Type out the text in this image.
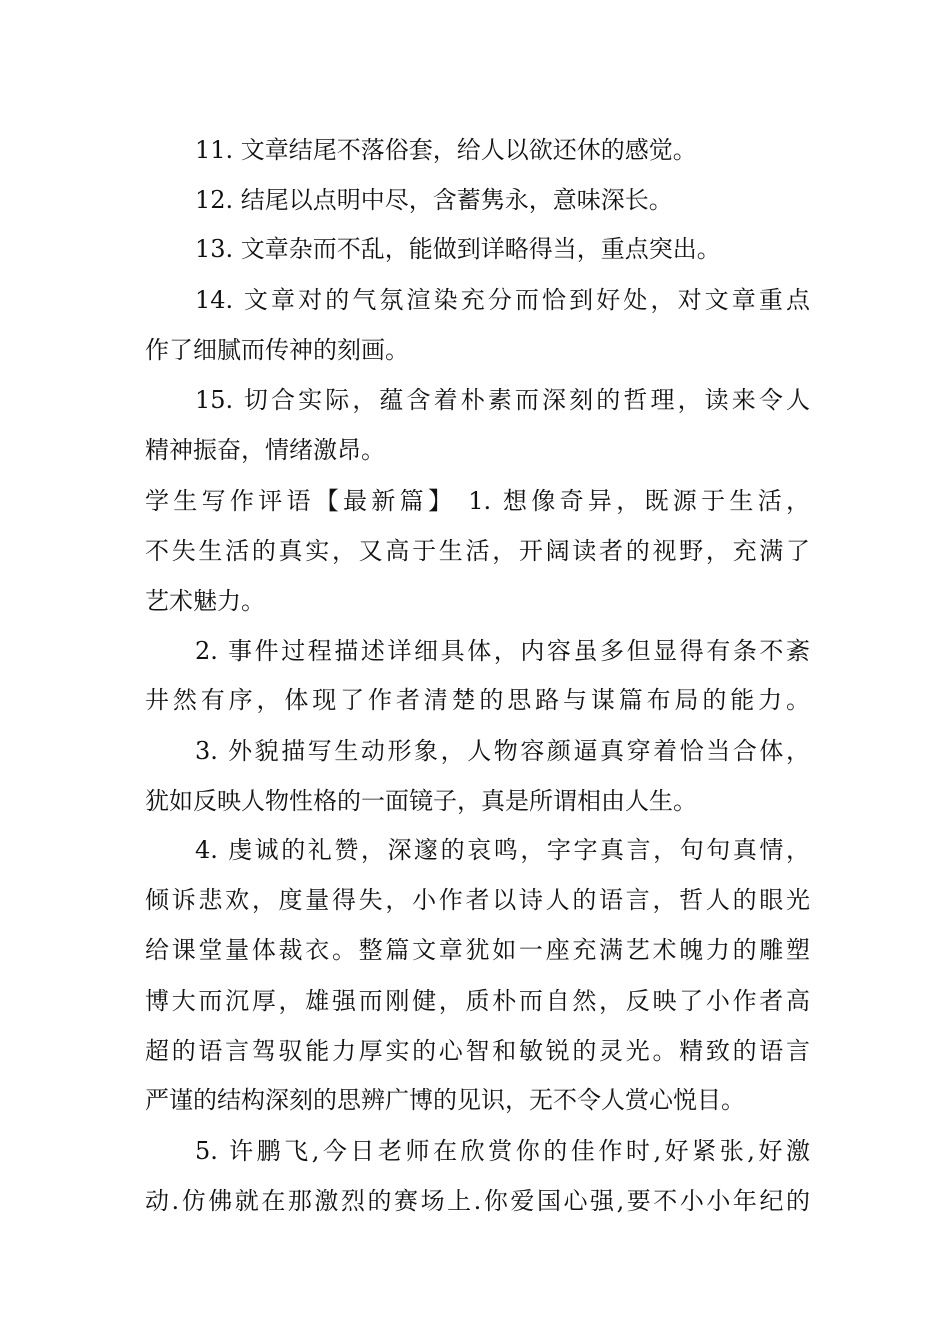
11. 文章结尾不落俗套，给人以欲还休的感觉。
12. 结尾以点明中尽，含蓄隽永，意味深长。
13. 文章杂而不乱，能做到详略得当，重点突出。
14. 文章对的气氛渲染充分而恰到好处，对文章重点
作了细腻而传神的刻画。
15. 切合实际，蕴含着朴素而深刻的哲理，读来令人
精神振奋，情绪激昂。
学生写作评语【最新篇】 1. 想像奇异，既源于生活，
不失生活的真实，又高于生活，开阔读者的视野，充满了
艺术魅力。
2. 事件过程描述详细具体，内容虽多但显得有条不紊
井然有序，体现了作者清楚的思路与谋篇布局的能力。
3. 外貌描写生动形象，人物容颜逼真穿着恰当合体，
犹如反映人物性格的一面镜子，真是所谓相由人生。
4. 虔诚的礼赞，深邃的哀鸣，字字真言，句句真情，
倾诉悲欢，度量得失，小作者以诗人的语言，哲人的眼光
给课堂量体裁衣。整篇文章犹如一座充满艺术魄力的雕塑
博大而沉厚，雄强而刚健，质朴而自然，反映了小作者高
超的语言驾驭能力厚实的心智和敏锐的灵光。精致的语言
严谨的结构深刻的思辨广博的见识，无不令人赏心悦目。
5. 许鹏飞,今日老师在欣赏你的佳作时,好紧张,好激
动.仿佛就在那激烈的赛场上.你爱国心强,要不小小年纪的
